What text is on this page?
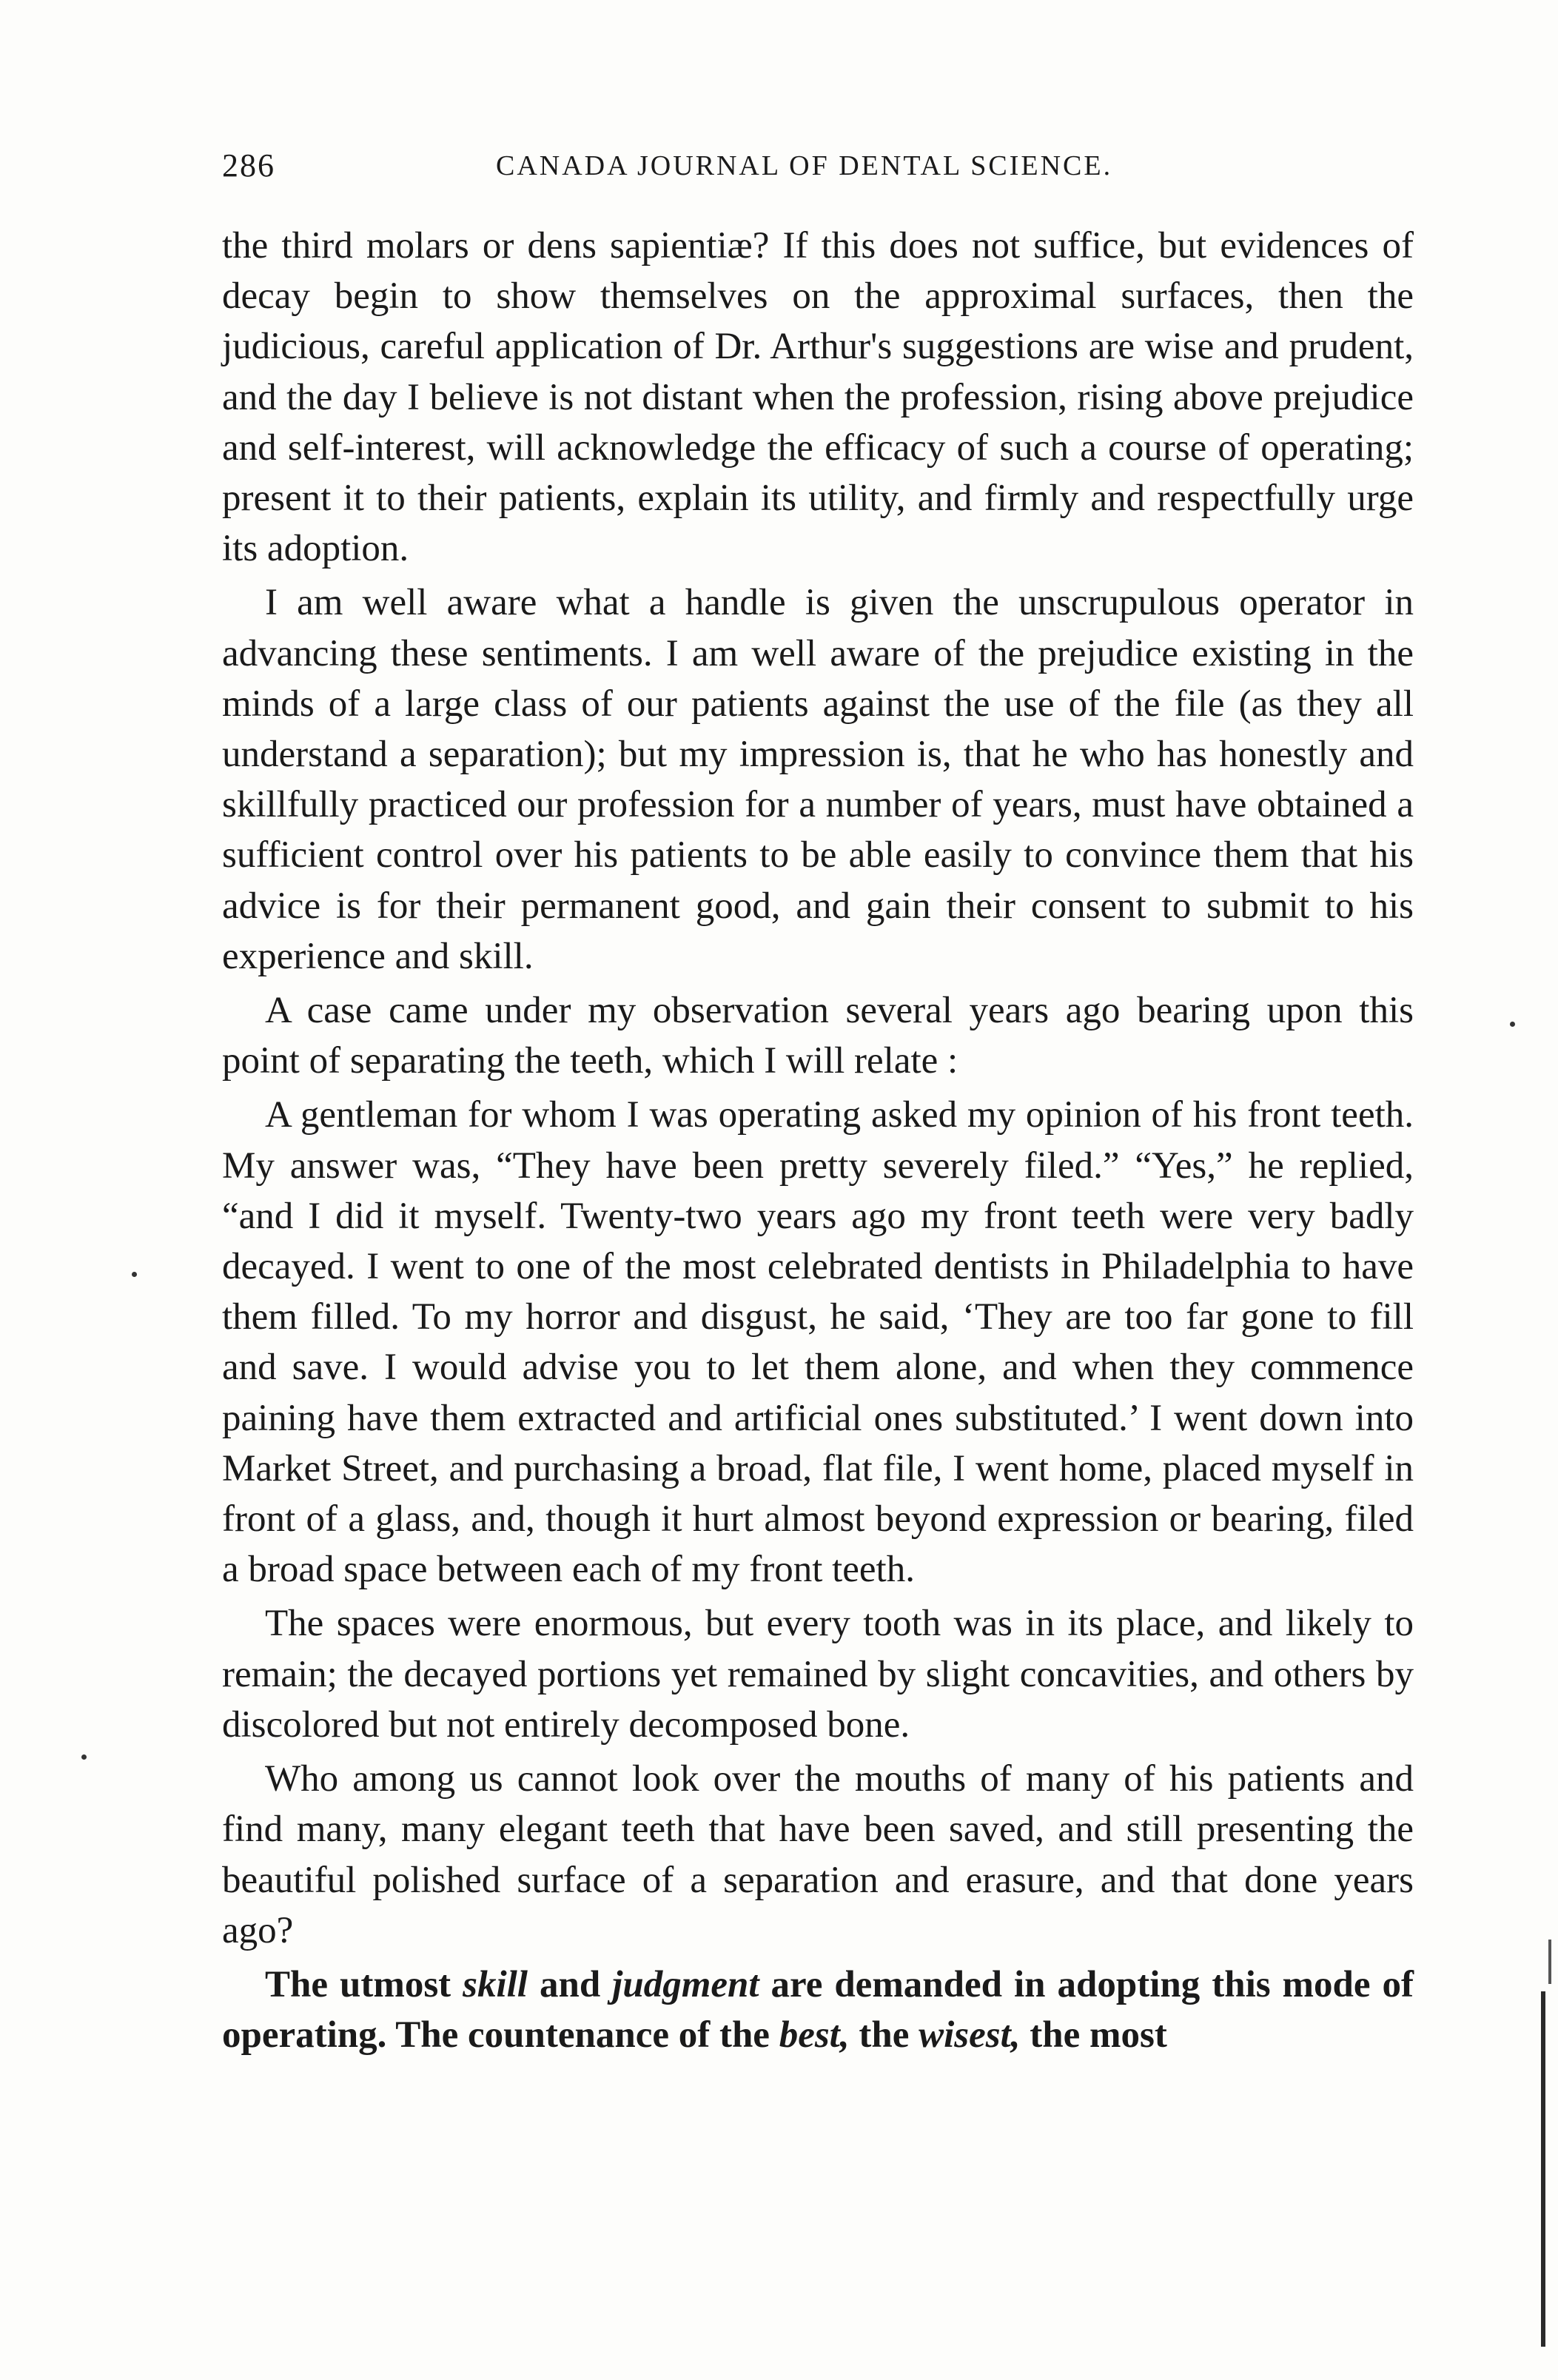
286	CANADA JOURNAL OF DENTAL SCIENCE.

the third molars or dens sapientiæ? If this does not suffice, but evidences of decay begin to show themselves on the approximal surfaces, then the judicious, careful application of Dr. Arthur's suggestions are wise and prudent, and the day I believe is not distant when the profession, rising above prejudice and self-interest, will acknowledge the efficacy of such a course of operating; present it to their patients, explain its utility, and firmly and respectfully urge its adoption.

I am well aware what a handle is given the unscrupulous operator in advancing these sentiments. I am well aware of the prejudice existing in the minds of a large class of our patients against the use of the file (as they all understand a separation); but my impression is, that he who has honestly and skillfully practiced our profession for a number of years, must have obtained a sufficient control over his patients to be able easily to convince them that his advice is for their permanent good, and gain their consent to submit to his experience and skill.

A case came under my observation several years ago bearing upon this point of separating the teeth, which I will relate :

A gentleman for whom I was operating asked my opinion of his front teeth. My answer was, “They have been pretty severely filed.” “Yes,” he replied, “and I did it myself. Twenty-two years ago my front teeth were very badly decayed. I went to one of the most celebrated dentists in Philadelphia to have them filled. To my horror and disgust, he said, ‘They are too far gone to fill and save. I would advise you to let them alone, and when they commence paining have them extracted and artificial ones substituted.’ I went down into Market Street, and purchasing a broad, flat file, I went home, placed myself in front of a glass, and, though it hurt almost beyond expression or bearing, filed a broad space between each of my front teeth.

The spaces were enormous, but every tooth was in its place, and likely to remain; the decayed portions yet remained by slight concavities, and others by discolored but not entirely decomposed bone.

Who among us cannot look over the mouths of many of his patients and find many, many elegant teeth that have been saved, and still presenting the beautiful polished surface of a separation and erasure, and that done years ago?

The utmost skill and judgment are demanded in adopting this mode of operating. The countenance of the best, the wisest, the most
